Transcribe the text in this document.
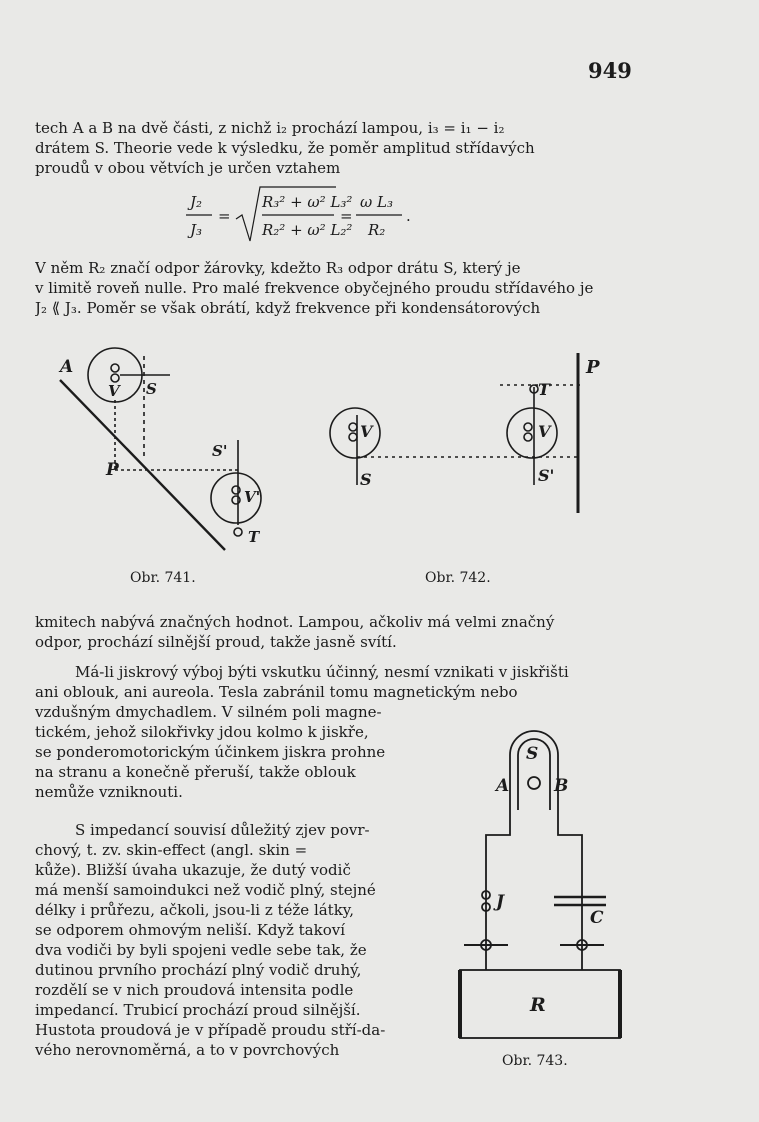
949

tech A a B na dvě části, z nichž i₂ prochází lampou, i₃ = i₁ − i₂
drátem S. Theorie vede k výsledku, že poměr amplitud střídavých
proudů v obou větvích je určen vztahem

J₂
J₃
=
R₃² + ω² L₃²
R₂² + ω² L₂²
=
ω L₃
R₂
.

V něm R₂ značí odpor žárovky, kdežto R₃ odpor drátu S, který je
v limitě roveň nulle. Pro malé frekvence obyčejného proudu střídavého je
J₂ ⟪ J₃. Poměr se však obrátí, když frekvence při kondensátorových

A
V S
P
S'
V'
T
Obr. 741.
V
S
T
V
S'
P
Obr. 742.

kmitech nabývá značných hodnot. Lampou, ačkoliv má velmi značný
odpor, prochází silnější proud, takže jasně svítí.

Má-li jiskrový výboj býti vskutku účinný, nesmí vznikati v jiskřišti
ani oblouk, ani aureola. Tesla zabránil tomu magnetickým nebo
vzdušným dmychadlem. V silném poli magne-
tickém, jehož silokřivky jdou kolmo k jiskře,
se ponderomotorickým účinkem jiskra prohne
na stranu a konečně přeruší, takže oblouk
nemůže vzniknouti.

S impedancí souvisí důležitý zjev povr-
chový, t. zv. skin-effect (angl. skin =
kůže). Bližší úvaha ukazuje, že dutý vodič
má menší samoindukci než vodič plný, stejné
délky i průřezu, ačkoli, jsou-li z téže látky,
se odporem ohmovým neliší. Když takoví
dva vodiči by byli spojeni vedle sebe tak, že
dutinou prvního prochází plný vodič druhý,
rozdělí se v nich proudová intensita podle
impedancí. Trubicí prochází proud silnější.
Hustota proudová je v případě proudu stří-da-
vého nerovnoměrná, a to v povrchových

S
A	B
J
C
R
Obr. 743.
